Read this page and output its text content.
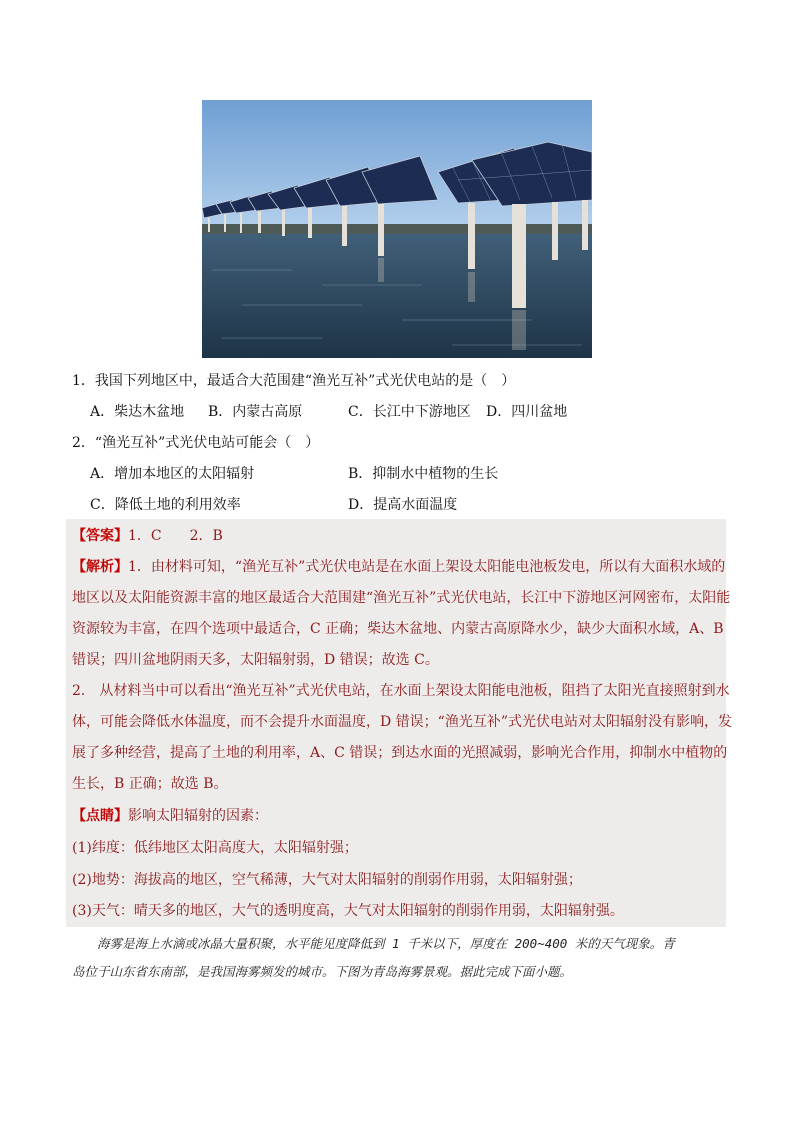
1．我国下列地区中，最适合大范围建“渔光互补”式光伏电站的是（　）
A．柴达木盆地 B．内蒙古高原	C．长江中下游地区 D．四川盆地
2．“渔光互补”式光伏电站可能会（　）
A．增加本地区的太阳辐射	B．抑制水中植物的生长
C．降低土地的利用效率	D．提高水面温度
【答案】1．C　　2．B
【解析】1．由材料可知，“渔光互补”式光伏电站是在水面上架设太阳能电池板发电，所以有大面积水域的
地区以及太阳能资源丰富的地区最适合大范围建“渔光互补”式光伏电站，长江中下游地区河网密布，太阳能
资源较为丰富，在四个选项中最适合，C 正确；柴达木盆地、内蒙古高原降水少，缺少大面积水域，A、B
错误；四川盆地阴雨天多，太阳辐射弱，D 错误；故选 C。
2． 从材料当中可以看出“渔光互补”式光伏电站，在水面上架设太阳能电池板，阻挡了太阳光直接照射到水
体，可能会降低水体温度，而不会提升水面温度，D 错误；“渔光互补”式光伏电站对太阳辐射没有影响，发
展了多种经营，提高了土地的利用率，A、C 错误；到达水面的光照减弱，影响光合作用，抑制水中植物的
生长，B 正确；故选 B。
【点睛】影响太阳辐射的因素：
(1)纬度：低纬地区太阳高度大，太阳辐射强；
(2)地势：海拔高的地区，空气稀薄，大气对太阳辐射的削弱作用弱，太阳辐射强；
(3)天气：晴天多的地区，大气的透明度高，大气对太阳辐射的削弱作用弱，太阳辐射强。
　　海雾是海上水滴或冰晶大量积聚，水平能见度降低到 1 千米以下，厚度在 200~400 米的天气现象。青
岛位于山东省东南部，是我国海雾频发的城市。下图为青岛海雾景观。据此完成下面小题。
